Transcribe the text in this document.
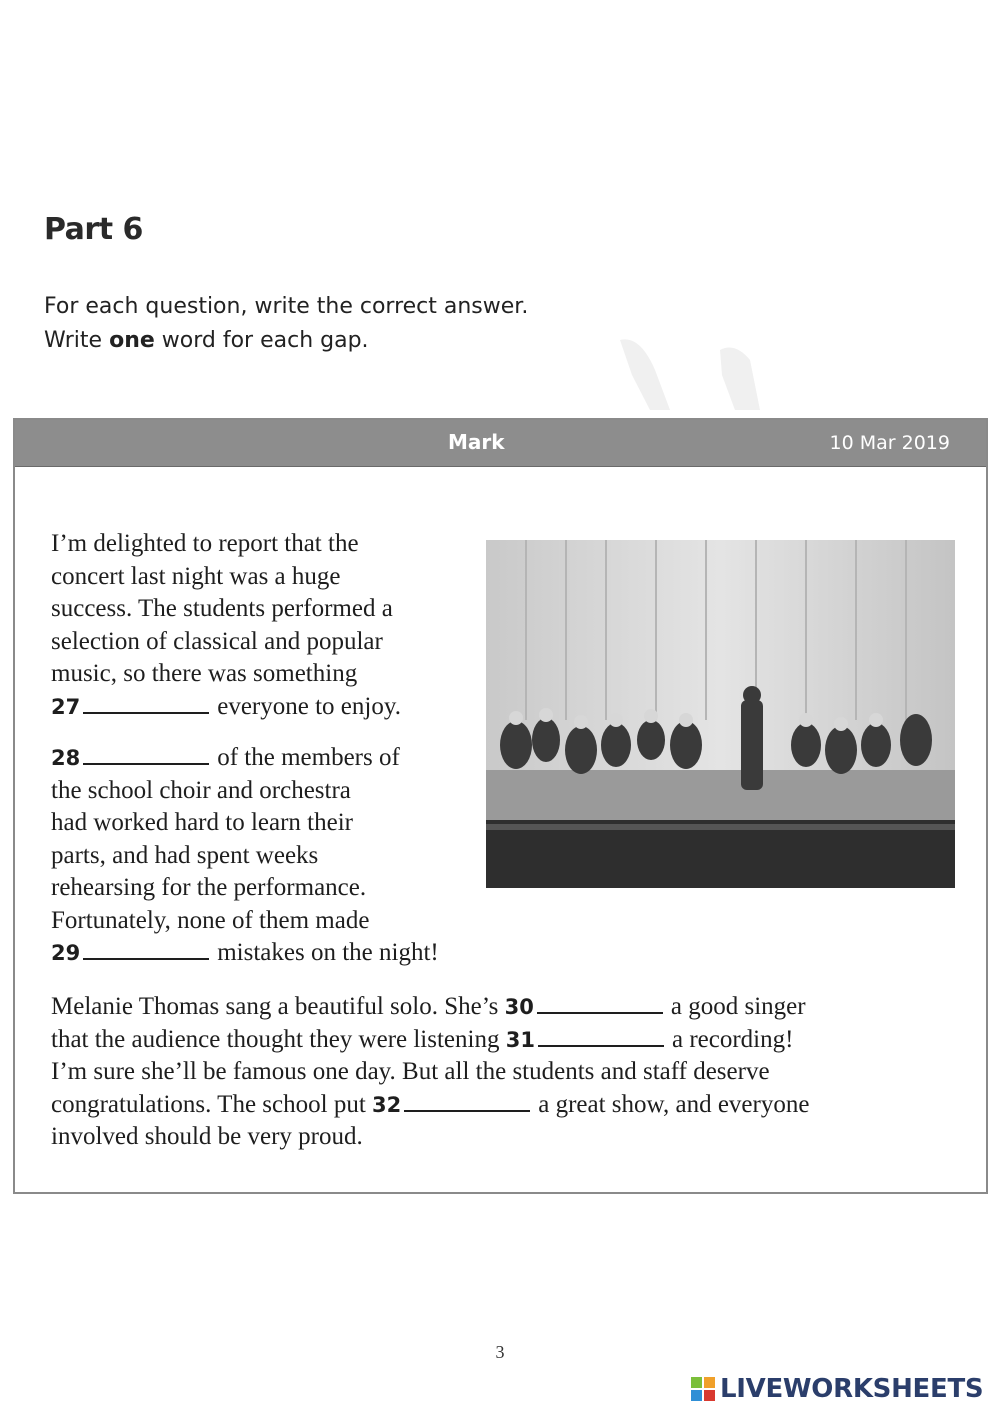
Part 6
For each question, write the correct answer.
Write one word for each gap.
Mark	10 Mar 2019
I’m delighted to report that the
concert last night was a huge
success. The students performed a
selection of classical and popular
music, so there was something
27	everyone to enjoy.
28	of the members of
the school choir and orchestra
had worked hard to learn their
parts, and had spent weeks
rehearsing for the performance.
Fortunately, none of them made
29	mistakes on the night!
Melanie Thomas sang a beautiful solo. She’s 30	a good singer
that the audience thought they were listening 31	a recording!
I’m sure she’ll be famous one day. But all the students and staff deserve
congratulations. The school put 32	a great show, and everyone
involved should be very proud.
3
LIVEWORKSHEETS
